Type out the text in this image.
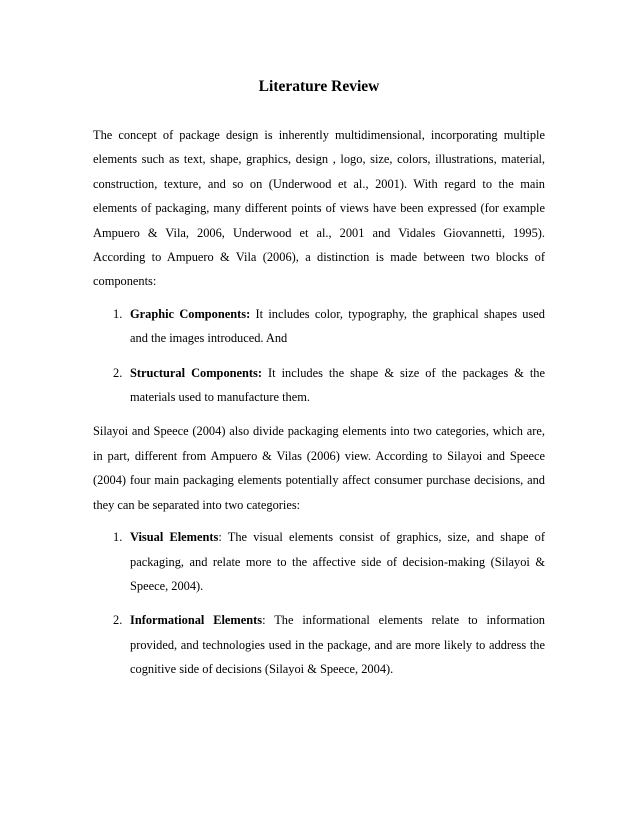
Literature Review

The concept of package design is inherently multidimensional, incorporating multiple elements such as text, shape, graphics, design , logo, size, colors, illustrations, material, construction, texture, and so on (Underwood et al., 2001). With regard to the main elements of packaging, many different points of views have been expressed (for example Ampuero & Vila, 2006, Underwood et al., 2001 and Vidales Giovannetti, 1995). According to Ampuero & Vila (2006), a distinction is made between two blocks of components:

1. Graphic Components: It includes color, typography, the graphical shapes used and the images introduced. And
2. Structural Components: It includes the shape & size of the packages & the materials used to manufacture them.

Silayoi and Speece (2004) also divide packaging elements into two categories, which are, in part, different from Ampuero & Vilas (2006) view. According to Silayoi and Speece (2004) four main packaging elements potentially affect consumer purchase decisions, and they can be separated into two categories:

1. Visual Elements: The visual elements consist of graphics, size, and shape of packaging, and relate more to the affective side of decision-making (Silayoi & Speece, 2004).
2. Informational Elements: The informational elements relate to information provided, and technologies used in the package, and are more likely to address the cognitive side of decisions (Silayoi & Speece, 2004).
